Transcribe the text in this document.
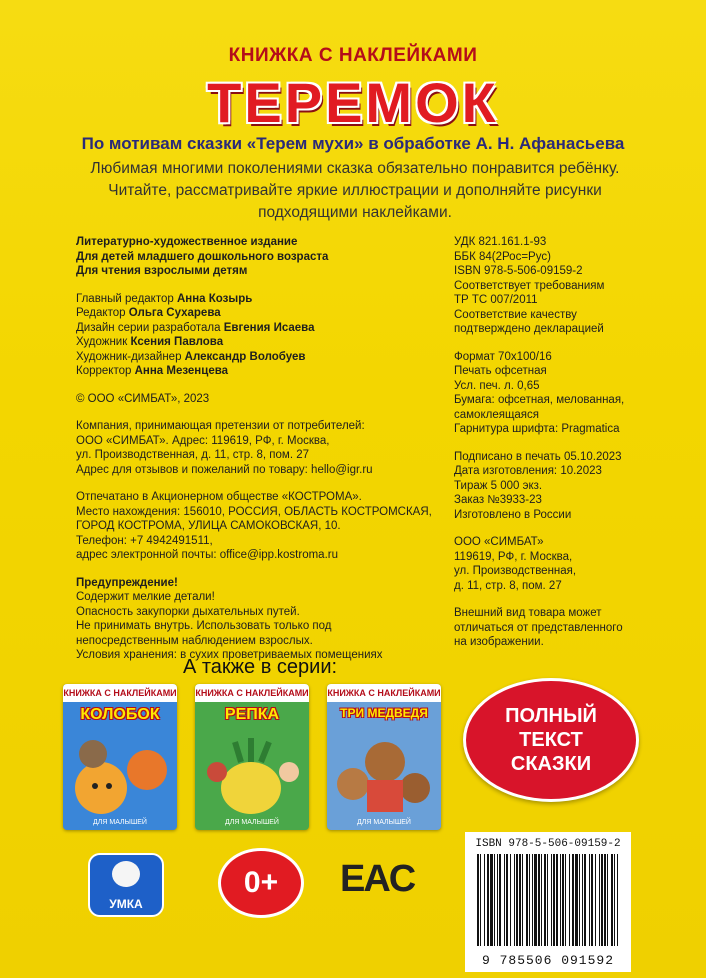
КНИЖКА С НАКЛЕЙКАМИ
ТЕРЕМОК
По мотивам сказки «Терем мухи» в обработке А. Н. Афанасьева
Любимая многими поколениями сказка обязательно понравится ребёнку. Читайте, рассматривайте яркие иллюстрации и дополняйте рисунки подходящими наклейками.
Литературно-художественное издание
Для детей младшего дошкольного возраста
Для чтения взрослыми детям
Главный редактор Анна Козырь
Редактор Ольга Сухарева
Дизайн серии разработала Евгения Исаева
Художник Ксения Павлова
Художник-дизайнер Александр Волобуев
Корректор Анна Мезенцева
© ООО «СИМБАТ», 2023
Компания, принимающая претензии от потребителей:
ООО «СИМБАТ». Адрес: 119619, РФ, г. Москва,
ул. Производственная, д. 11, стр. 8, пом. 27
Адрес для отзывов и пожеланий по товару: hello@igr.ru
Отпечатано в Акционерном обществе «КОСТРОМА».
Место нахождения: 156010, РОССИЯ, ОБЛАСТЬ КОСТРОМСКАЯ,
ГОРОД КОСТРОМА, УЛИЦА САМОКОВСКАЯ, 10.
Телефон: +7 4942491511,
адрес электронной почты: office@ipp.kostroma.ru
Предупреждение!
Содержит мелкие детали!
Опасность закупорки дыхательных путей.
Не принимать внутрь. Использовать только под
непосредственным наблюдением взрослых.
Условия хранения: в сухих проветриваемых помещениях
УДК 821.161.1-93
ББК 84(2Рос=Рус)
ISBN 978-5-506-09159-2
Соответствует требованиям
ТР ТС 007/2011
Соответствие качеству
подтверждено декларацией
Формат 70x100/16
Печать офсетная
Усл. печ. л. 0,65
Бумага: офсетная, мелованная,
самоклеящаяся
Гарнитура шрифта: Pragmatica
Подписано в печать 05.10.2023
Дата изготовления: 10.2023
Тираж 5 000 экз.
Заказ №3933-23
Изготовлено в России
ООО «СИМБАТ»
119619, РФ, г. Москва,
ул. Производственная,
д. 11, стр. 8, пом. 27
Внешний вид товара может
отличаться от представленного
на изображении.
А также в серии:
КНИЖКА С НАКЛЕЙКАМИ
КОЛОБОК
ДЛЯ МАЛЫШЕЙ
КНИЖКА С НАКЛЕЙКАМИ
РЕПКА
ДЛЯ МАЛЫШЕЙ
КНИЖКА С НАКЛЕЙКАМИ
ТРИ МЕДВЕДЯ
ДЛЯ МАЛЫШЕЙ
ПОЛНЫЙ
ТЕКСТ
СКАЗКИ
УМКА
0+	EAC
ISBN 978-5-506-09159-2
9 785506 091592
